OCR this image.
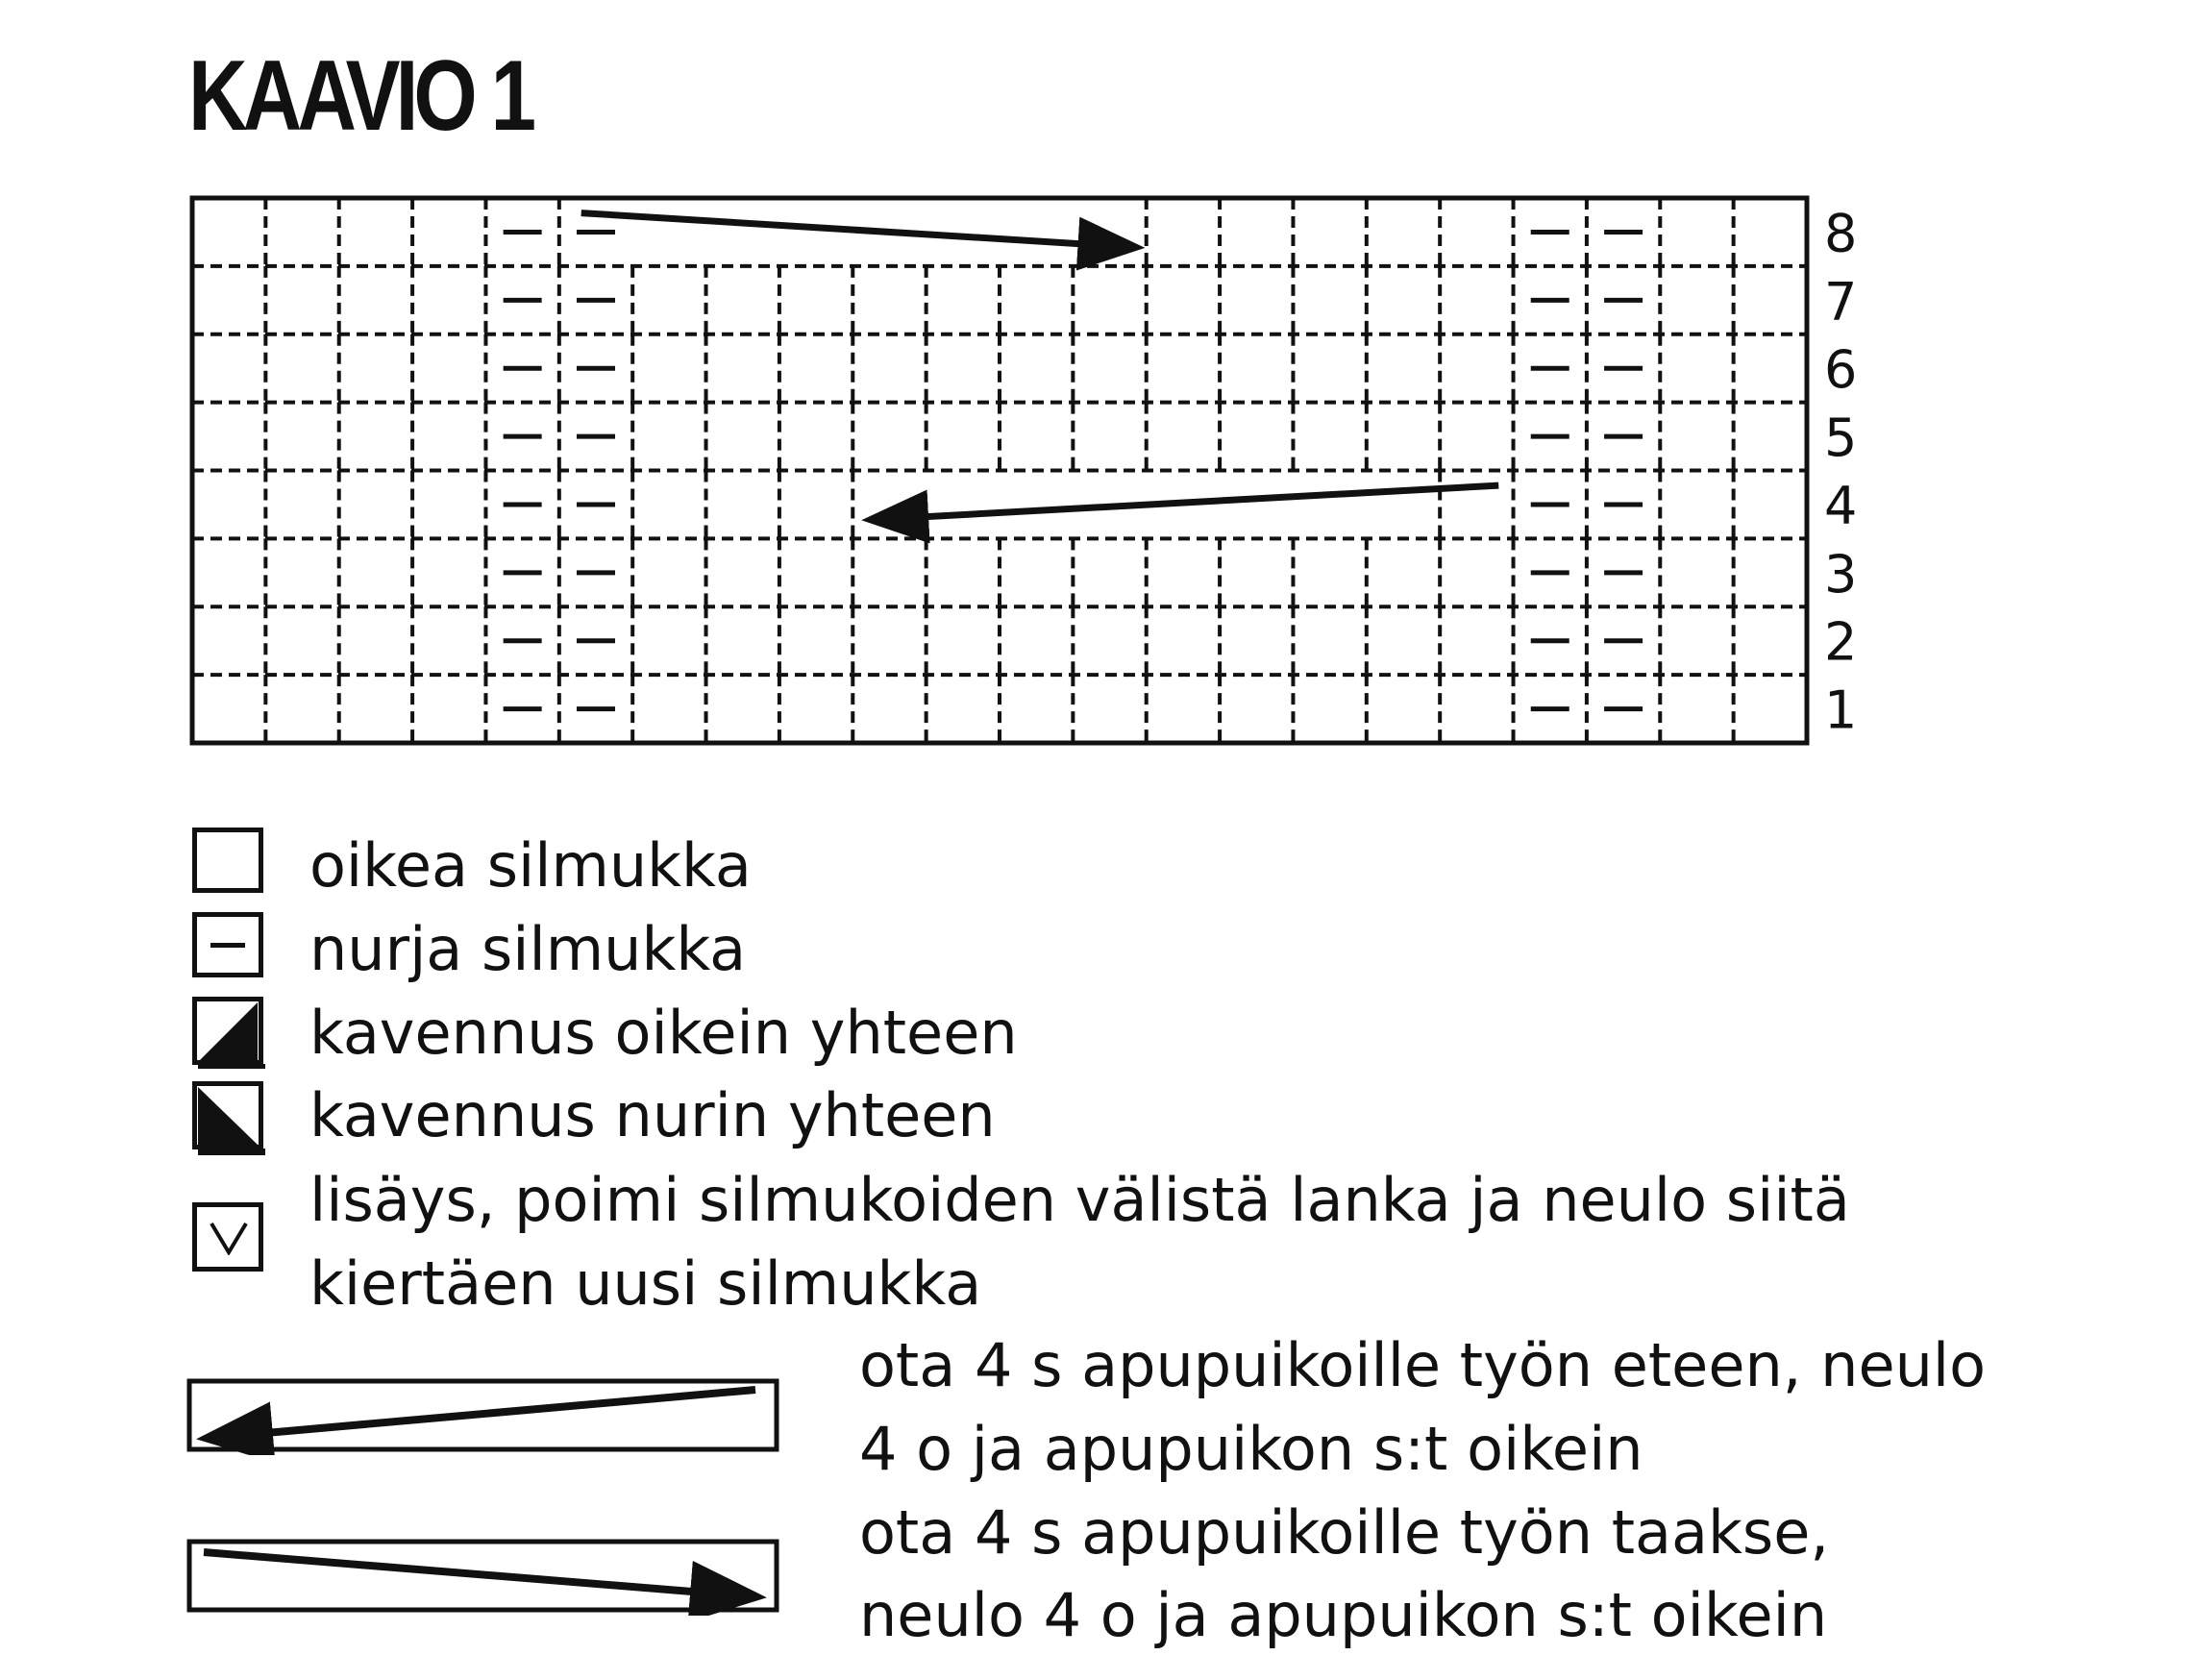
KAAVIO 1
8
7
6
5
4
3
2
1
oikea silmukka
nurja silmukka
kavennus oikein yhteen
kavennus nurin yhteen
lisäys, poimi silmukoiden välistä lanka ja neulo siitä
kiertäen uusi silmukka
ota 4 s apupuikoille työn eteen, neulo
4 o ja apupuikon s:t oikein
ota 4 s apupuikoille työn taakse,
neulo 4 o ja apupuikon s:t oikein
